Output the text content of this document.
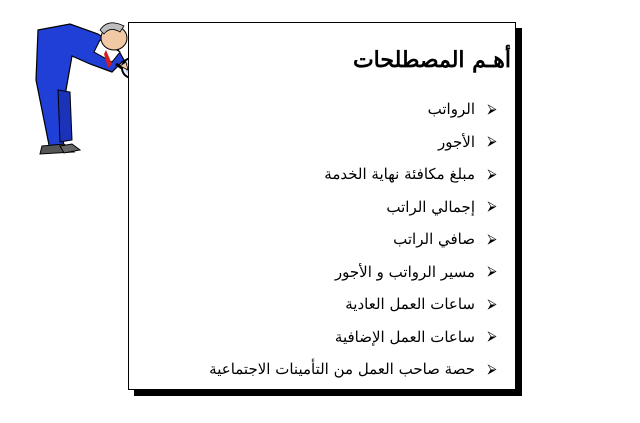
أهـم المصطلحات
⮚
الرواتب
⮚
الأجور
⮚
مبلغ مكافئة نهاية الخدمة
⮚
إجمالي الراتب
⮚
صافي الراتب
⮚
مسير الرواتب و الأجور
⮚
ساعات العمل العادية
⮚
ساعات العمل الإضافية
⮚
حصة صاحب العمل من التأمينات الاجتماعية
